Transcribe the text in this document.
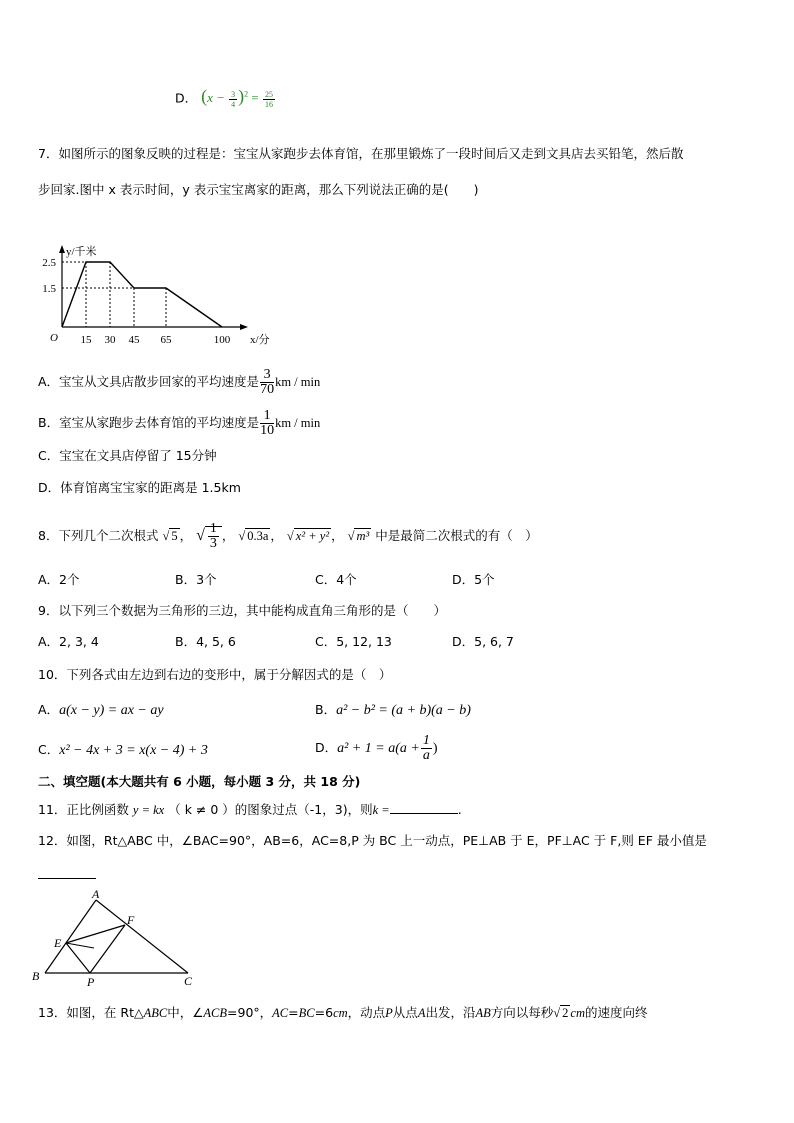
D． $(x - \frac{3}{4} )^2 = \frac{25}{16}$
7．如图所示的图象反映的过程是：宝宝从家跑步去体育馆，在那里锻炼了一段时间后又走到文具店去买铅笔，然后散
步回家.图中 x 表示时间，y 表示宝宝离家的距离，那么下列说法正确的是(　　)
15 30 45 65	100
2.5
1.5
O	x/分
y/千米
A．宝宝从文具店散步回家的平均速度是 $\frac{3}{70}$ km / min
B．室宝从家跑步去体育馆的平均速度是 $\frac{1}{10}$ km / min
C．宝宝在文具店停留了 15分钟
D．体育馆离宝宝家的距离是 1.5km
8．下列几个二次根式 √ 5 ， √ $\frac{1}{3}$ ， √ 0.3a ， √ x² + y² ， √ m³ 中是最简二次根式的有（　）
A．2个	B．3个	C．4个	D．5个
9．以下列三个数据为三角形的三边，其中能构成直角三角形的是（　　）
A．2, 3, 4	B．4, 5, 6	C．5, 12, 13	D．5, 6, 7
10．下列各式由左边到右边的变形中，属于分解因式的是（　）
A．a(x − y) = ax − ay	B．a² − b² = (a + b)(a − b)
C．x² − 4x + 3 = x(x − 4) + 3	D．$a^2 + 1 = a(a + \frac{1}{a}$ )
二、填空题(本大题共有 6 小题，每小题 3 分，共 18 分)
11．正比例函数 y = kx （ k ≠ 0 ）的图象过点（-1，3)，则k =	.
12．如图，Rt△ABC 中，∠BAC=90°，AB=6，AC=8,P 为 BC 上一动点，PE⊥AB 于 E，PF⊥AC 于 F,则 EF 最小值是
A
B	C
E
F
P
13．如图，在 Rt△ABC中，∠ACB=90°，AC=BC=6cm，动点P从点A出发，沿AB方向以每秒√ 2 cm的速度向终
